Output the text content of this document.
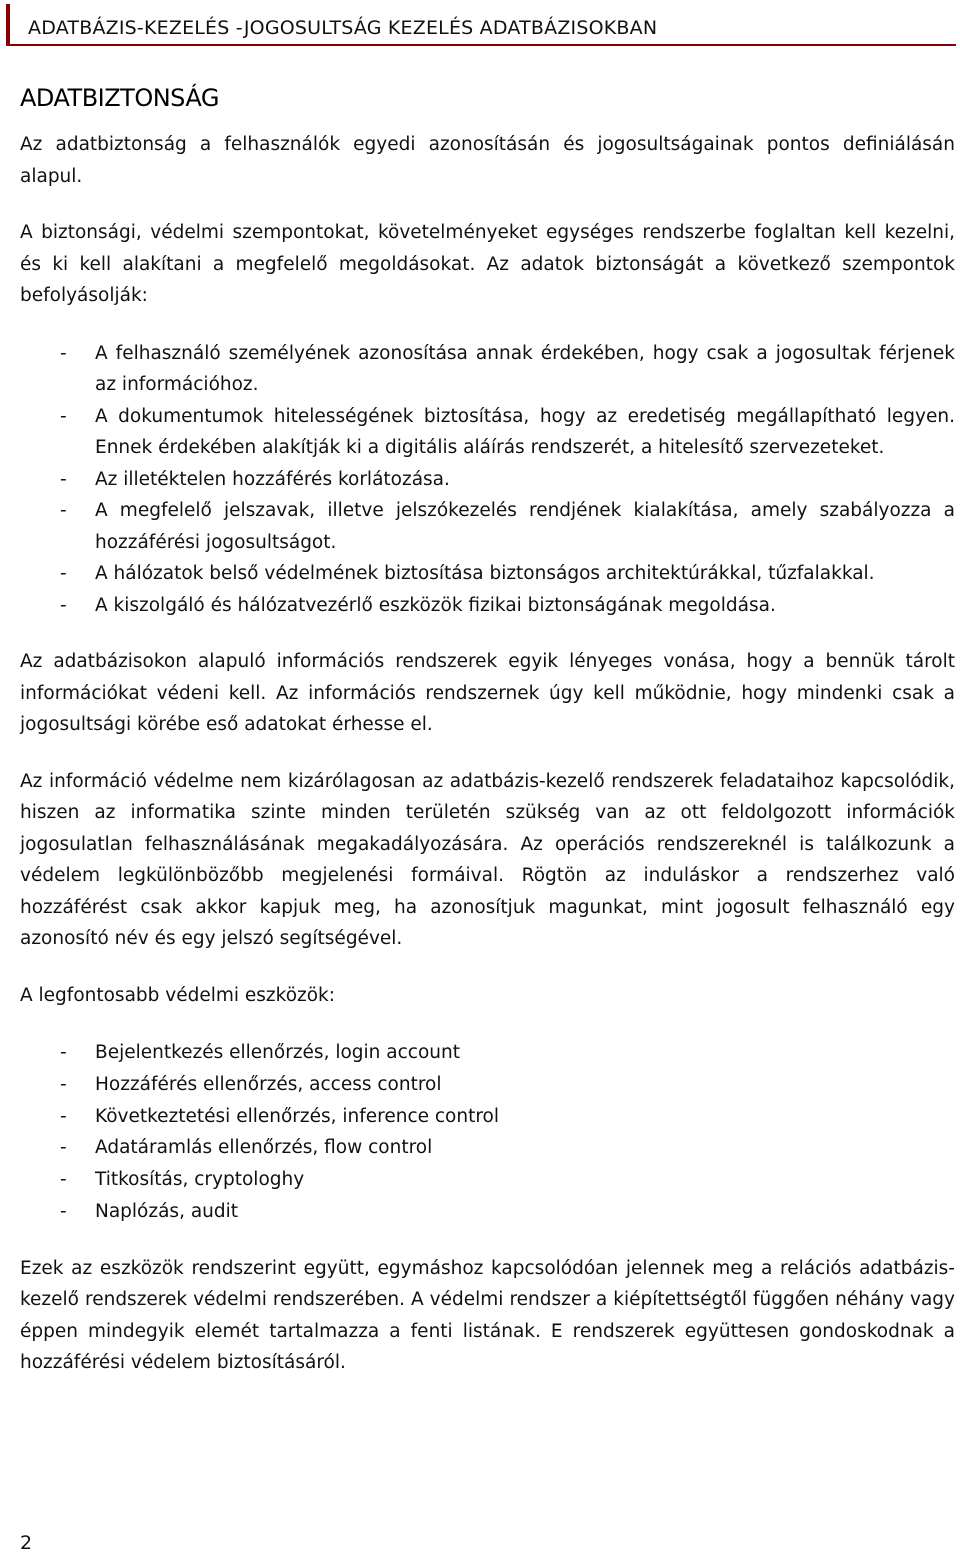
ADATBÁZIS-KEZELÉS -JOGOSULTSÁG KEZELÉS ADATBÁZISOKBAN
ADATBIZTONSÁG

Az adatbiztonság a felhasználók egyedi azonosításán és jogosultságainak pontos definiálásán alapul.

A biztonsági, védelmi szempontokat, követelményeket egységes rendszerbe foglaltan kell kezelni, és ki kell alakítani a megfelelő megoldásokat. Az adatok biztonságát a következő szempontok befolyásolják:

- A felhasználó személyének azonosítása annak érdekében, hogy csak a jogosultak férjenek az információhoz.
- A dokumentumok hitelességének biztosítása, hogy az eredetiség megállapítható legyen. Ennek érdekében alakítják ki a digitális aláírás rendszerét, a hitelesítő szervezeteket.
- Az illetéktelen hozzáférés korlátozása.
- A megfelelő jelszavak, illetve jelszókezelés rendjének kialakítása, amely szabályozza a hozzáférési jogosultságot.
- A hálózatok belső védelmének biztosítása biztonságos architektúrákkal, tűzfalakkal.
- A kiszolgáló és hálózatvezérlő eszközök fizikai biztonságának megoldása.

Az adatbázisokon alapuló információs rendszerek egyik lényeges vonása, hogy a bennük tárolt információkat védeni kell. Az információs rendszernek úgy kell működnie, hogy mindenki csak a jogosultsági körébe eső adatokat érhesse el.

Az információ védelme nem kizárólagosan az adatbázis-kezelő rendszerek feladataihoz kapcsolódik, hiszen az informatika szinte minden területén szükség van az ott feldolgozott információk jogosulatlan felhasználásának megakadályozására. Az operációs rendszereknél is találkozunk a védelem legkülönbözőbb megjelenési formáival. Rögtön az induláskor a rendszerhez való hozzáférést csak akkor kapjuk meg, ha azonosítjuk magunkat, mint jogosult felhasználó egy azonosító név és egy jelszó segítségével.

A legfontosabb védelmi eszközök:

- Bejelentkezés ellenőrzés, login account
- Hozzáférés ellenőrzés, access control
- Következtetési ellenőrzés, inference control
- Adatáramlás ellenőrzés, flow control
- Titkosítás, cryptologhy
- Naplózás, audit

Ezek az eszközök rendszerint együtt, egymáshoz kapcsolódóan jelennek meg a relációs adatbázis-kezelő rendszerek védelmi rendszerében. A védelmi rendszer a kiépítettségtől függően néhány vagy éppen mindegyik elemét tartalmazza a fenti listának. E rendszerek együttesen gondoskodnak a hozzáférési védelem biztosításáról.

2
